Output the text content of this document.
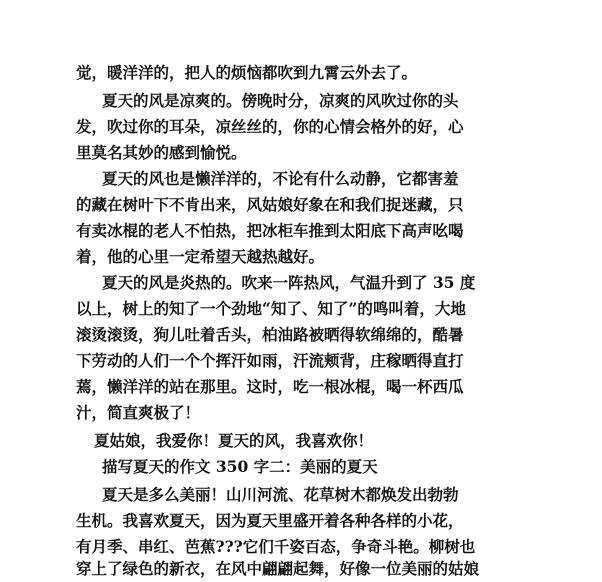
觉，暖洋洋的，把人的烦恼都吹到九霄云外去了。
夏天的风是凉爽的。傍晚时分，凉爽的风吹过你的头
发，吹过你的耳朵，凉丝丝的，你的心情会格外的好，心
里莫名其妙的感到愉悦。
夏天的风也是懒洋洋的，不论有什么动静，它都害羞
的藏在树叶下不肯出来，风姑娘好象在和我们捉迷藏，只
有卖冰棍的老人不怕热，把冰柜车推到太阳底下高声吆喝
着，他的心里一定希望天越热越好。
夏天的风是炎热的。吹来一阵热风，气温升到了 35 度
以上，树上的知了一个劲地“知了、知了”的鸣叫着，大地
滚烫滚烫，狗儿吐着舌头，柏油路被晒得软绵绵的，酷暑
下劳动的人们一个个挥汗如雨，汗流颊背，庄稼晒得直打
蔫，懒洋洋的站在那里。这时，吃一根冰棍，喝一杯西瓜
汁，简直爽极了！
夏姑娘，我爱你！夏天的风，我喜欢你！
描写夏天的作文 350 字二：美丽的夏天
夏天是多么美丽！山川河流、花草树木都焕发出勃勃
生机。我喜欢夏天，因为夏天里盛开着各种各样的小花，
有月季、串红、芭蕉???它们千姿百态，争奇斗艳。柳树也
穿上了绿色的新衣，在风中翩翩起舞，好像一位美丽的姑娘
